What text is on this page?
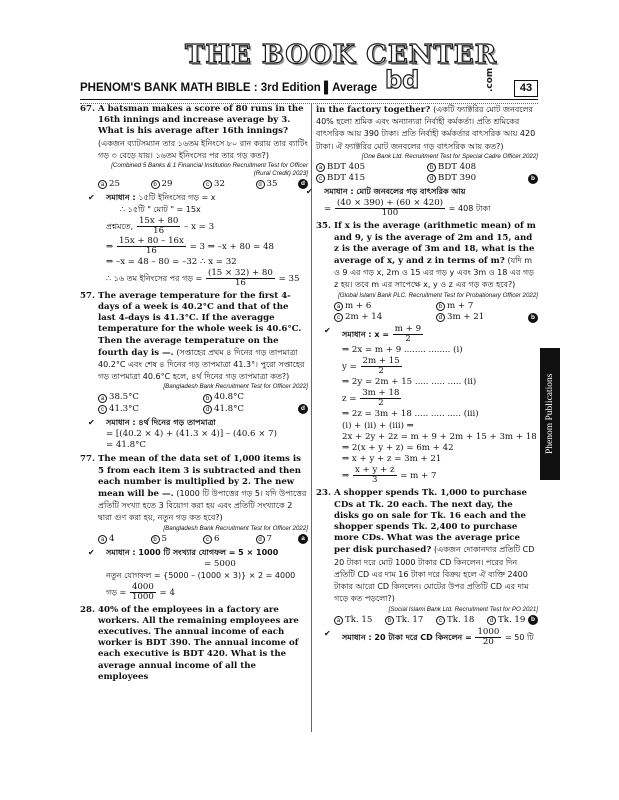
THE BOOK CENTER
bd	.com
PHENOM'S BANK MATH BIBLE : 3rd Edition ▌Average	43
67. A batsman makes a score of 80 runs in the 16th innings and increase average by 3. What is his average after 16th innings? (একজন ব্যাটসম্যান তার ১৬তম ইনিংসে ৮০ রান করায় তার ব্যাটিং গড় ৩ বেড়ে যায়। ১৬তম ইনিংসের পর তার গড় কত?)
[Combined 5 Banks & 1 Financial Institution Recruitment Test for Officer (Rural Credit) 2023]
a 25	b 29	c 32	d 35	d
✔ সমাধান : ১৫টি ইনিংসের গড় = x
∴ ১৫টি " মোট " = 15x
প্রশ্নমতে, $\frac{15x + 80}{16} - x = 3$
⇒ $\frac{15x + 80 - 16x}{16} = 3$ ⇒ –x + 80 = 48
⇒ –x = 48 – 80 = –32 ∴ x = 32
∴ ১৬ তম ইনিংসের পর গড় = $\frac{(15 \times 32) + 80}{16} = 35$
57. The average temperature for the first 4-days of a week is 40.2°C and that of the last 4-days is 41.3°C. If the averagge temperature for the whole week is 40.6°C. Then the average temperature on the fourth day is —. (সপ্তাহের প্রথম ৪ দিনের গড় তাপমাত্রা 40.2°C এবং শেষ ৪ দিনের গড় তাপমাত্রা 41.3°। পুরো সপ্তাহের গড় তাপমাত্রা 40.6°C হলে, ৪র্থ দিনের গড় তাপমাত্রা কত?)
[Bangladesh Bank Recruitment Test for Officer 2022]
a 38.5°C	b 40.8°C
c 41.3°C	d 41.8°C	d
✔ সমাধান : ৪র্থ দিনের গড় তাপমাত্রা
= [(40.2 × 4) + (41.3 × 4)] – (40.6 × 7)
= 41.8°C
77. The mean of the data set of 1,000 items is 5 from each item 3 is subtracted and then each number is multiplied by 2. The new mean will be —. (1000 টি উপাত্তের গড় 5। যদি উপাত্তের প্রতিটি সংখ্যা হতে 3 বিয়োগ করা হয় এবং প্রতিটি সংখ্যাকে 2 দ্বারা গুণ করা হয়, নতুন গড় কত হবে?)
[Bangladesh Bank Recruitment Test for Officer 2022]
a 4	b 5	c 6	d 7	a
✔ সমাধান : 1000 টি সংখ্যার যোগফল = 5 × 1000
= 5000
নতুন যোগফল = {5000 – (1000 × 3)} × 2 = 4000
গড় = $\frac{4000}{1000} = 4$
28. 40% of the employees in a factory are workers. All the remaining employees are executives. The annual income of each worker is BDT 390. The annual income of each executive is BDT 420. What is the average annual income of all the employees
in the factory together? (একটি ফ্যাক্টরির মোট জনবলের 40% হলো শ্রমিক এবং অন্যান্যরা নির্বাহী কর্মকর্তা। প্রতি শ্রমিকের বাৎসরিক আয় 390 টাকা। প্রতি নির্বাহী কর্মকর্তার বাৎসরিক আয় 420 টাকা। ঐ ফ্যাক্টরির মোট জনবলের গড় বাৎসরিক আয় কত?)
[One Bank Ltd. Recruitment Test for Special Cadre Officer 2022]
a BDT 405	b BDT 408
c BDT 415	d BDT 390	b
✔ সমাধান : মোট জনবলের গড় বাৎসরিক আয়
= $\frac{(40 \times 390) + (60 \times 420)}{100} = 408$ টাকা
35. If x is the average (arithmetic mean) of m and 9, y is the average of 2m and 15, and z is the average of 3m and 18, what is the average of x, y and z in terms of m? (যদি m ও 9 এর গড় x, 2m ও 15 এর গড় y এবং 3m ও 18 এর গড় z হয়। তবে m এর সাপেক্ষে x, y ও z এর গড় কত হবে?)
[Global Islami Bank PLC. Recruitment Test for Probationary Officer 2022]
a m + 6	b m + 7
c 2m + 14	d 3m + 21	b
✔ সমাধান : $x = \frac{m + 9}{2}$
⇒ 2x = m + 9 ........ ........ (i)
$y = \frac{2m + 15}{2}$
⇒ 2y = 2m + 15 ..... ..... ..... (ii)
$z = \frac{3m + 18}{2}$
⇒ 2z = 3m + 18 ..... ..... ..... (iii)
(i) + (ii) + (iii) ⇒
2x + 2y + 2z = m + 9 + 2m + 15 + 3m + 18
⇒ 2(x + y + z) = 6m + 42
⇒ x + y + z = 3m + 21
⇒ $\frac{x + y + z}{3} = m + 7$
23. A shopper spends Tk. 1,000 to purchase CDs at Tk. 20 each. The next day, the disks go on sale for Tk. 16 each and the shopper spends Tk. 2,400 to purchase more CDs. What was the average price per disk purchased? (একজন দোকানদার প্রতিটি CD 20 টাকা দরে মোট 1000 টাকার CD কিনলেন। পরের দিন প্রতিটি CD এর দাম 16 টাকা দরে বিক্রয় হলে ঐ ব্যক্তি 2400 টাকার আরো CD কিনলেন। মোটের উপর প্রতিটি CD এর দাম গড়ে কত পড়লো?)
[Social Islami Bank Ltd. Recruitment Test for PO 2021]
a Tk. 15	b Tk. 17	c Tk. 18	d Tk. 19 b
✔ সমাধান : 20 টাকা দরে CD কিনলেন = $\frac{1000}{20} = 50$ টি
Phenom Publications
